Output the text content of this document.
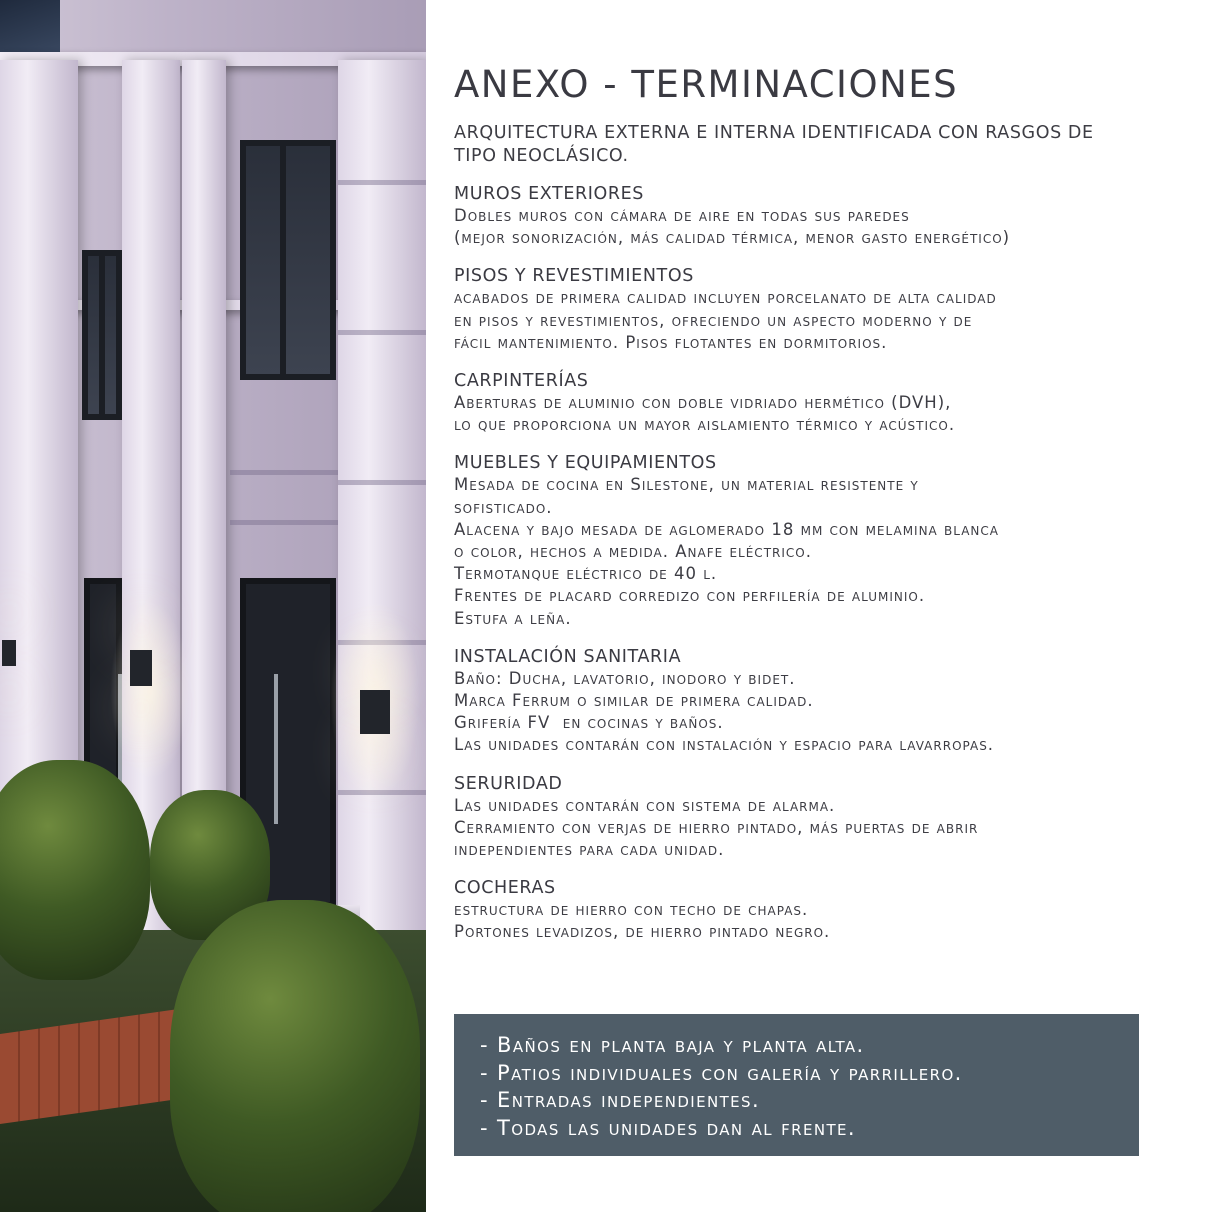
ANEXO - TERMINACIONES
ARQUITECTURA EXTERNA E INTERNA IDENTIFICADA CON RASGOS DE
TIPO NEOCLÁSICO.
MUROS EXTERIORES
Dobles muros con cámara de aire en todas sus paredes
(mejor sonorización, más calidad térmica, menor gasto energético)
PISOS Y REVESTIMIENTOS
acabados de primera calidad incluyen porcelanato de alta calidad
en pisos y revestimientos, ofreciendo un aspecto moderno y de
fácil mantenimiento. Pisos flotantes en dormitorios.
CARPINTERÍAS
Aberturas de aluminio con doble vidriado hermético (DVH),
lo que proporciona un mayor aislamiento térmico y acústico.
MUEBLES Y EQUIPAMIENTOS
Mesada de cocina en Silestone, un material resistente y
sofisticado.
Alacena y bajo mesada de aglomerado 18 mm con melamina blanca
o color, hechos a medida. Anafe eléctrico.
Termotanque eléctrico de 40 l.
Frentes de placard corredizo con perfilería de aluminio.
Estufa a leña.
INSTALACIÓN SANITARIA
Baño: Ducha, lavatorio, inodoro y bidet.
Marca Ferrum o similar de primera calidad.
Grifería FV  en cocinas y baños.
Las unidades contarán con instalación y espacio para lavarropas.
SERURIDAD
Las unidades contarán con sistema de alarma.
Cerramiento con verjas de hierro pintado, más puertas de abrir
independientes para cada unidad.
COCHERAS
estructura de hierro con techo de chapas.
Portones levadizos, de hierro pintado negro.
- Baños en planta baja y planta alta.
- Patios individuales con galería y parrillero.
- Entradas independientes.
- Todas las unidades dan al frente.
